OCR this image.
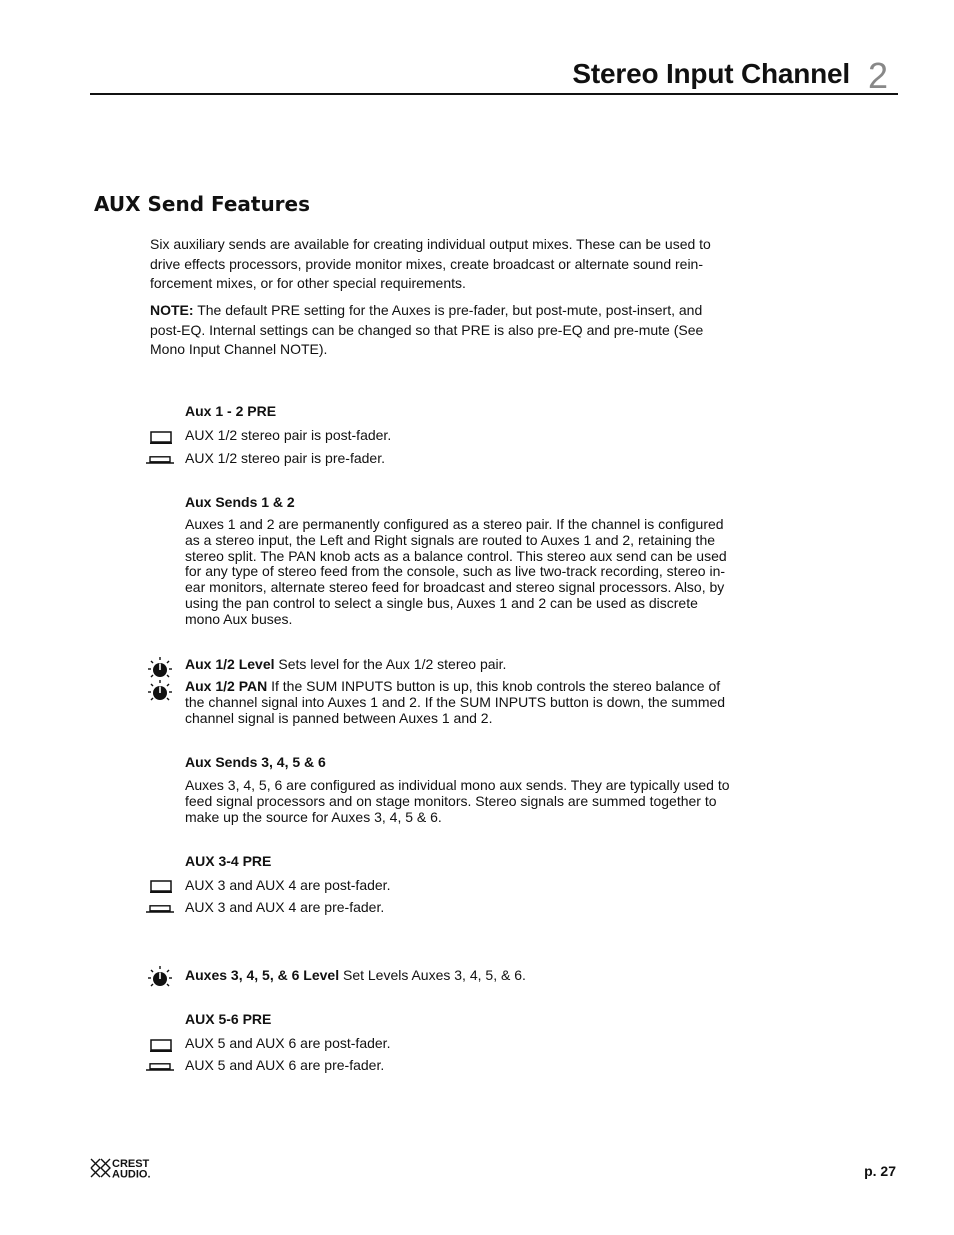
Stereo Input Channel 2
AUX Send Features
Six auxiliary sends are available for creating individual output mixes. These can be used to drive effects processors, provide monitor mixes, create broadcast or alternate sound rein-forcement mixes, or for other special requirements.
NOTE: The default PRE setting for the Auxes is pre-fader, but post-mute, post-insert, and post-EQ. Internal settings can be changed so that PRE is also pre-EQ and pre-mute (See Mono Input Channel NOTE).
Aux 1 - 2 PRE
AUX 1/2 stereo pair is post-fader.
AUX 1/2 stereo pair is pre-fader.
Aux Sends 1 & 2
Auxes 1 and 2 are permanently configured as a stereo pair. If the channel is configured as a stereo input, the Left and Right signals are routed to Auxes 1 and 2, retaining the stereo split. The PAN knob acts as a balance control. This stereo aux send can be used for any type of stereo feed from the console, such as live two-track recording, stereo in-ear monitors, alternate stereo feed for broadcast and stereo signal processors. Also, by using the pan control to select a single bus, Auxes 1 and 2 can be used as discrete mono Aux buses.
Aux 1/2 Level Sets level for the Aux 1/2 stereo pair.
Aux 1/2 PAN If the SUM INPUTS button is up, this knob controls the stereo balance of the channel signal into Auxes 1 and 2. If the SUM INPUTS button is down, the summed channel signal is panned between Auxes 1 and 2.
Aux Sends 3, 4, 5 & 6
Auxes 3, 4, 5, 6 are configured as individual mono aux sends. They are typically used to feed signal processors and on stage monitors. Stereo signals are summed together to make up the source for Auxes 3, 4, 5 & 6.
AUX 3-4 PRE
AUX 3 and AUX 4 are post-fader.
AUX 3 and AUX 4 are pre-fader.
Auxes 3, 4, 5, & 6 Level Set Levels Auxes 3, 4, 5, & 6.
AUX 5-6 PRE
AUX 5 and AUX 6 are post-fader.
AUX 5 and AUX 6 are pre-fader.
CREST
AUDIO.	p. 27
